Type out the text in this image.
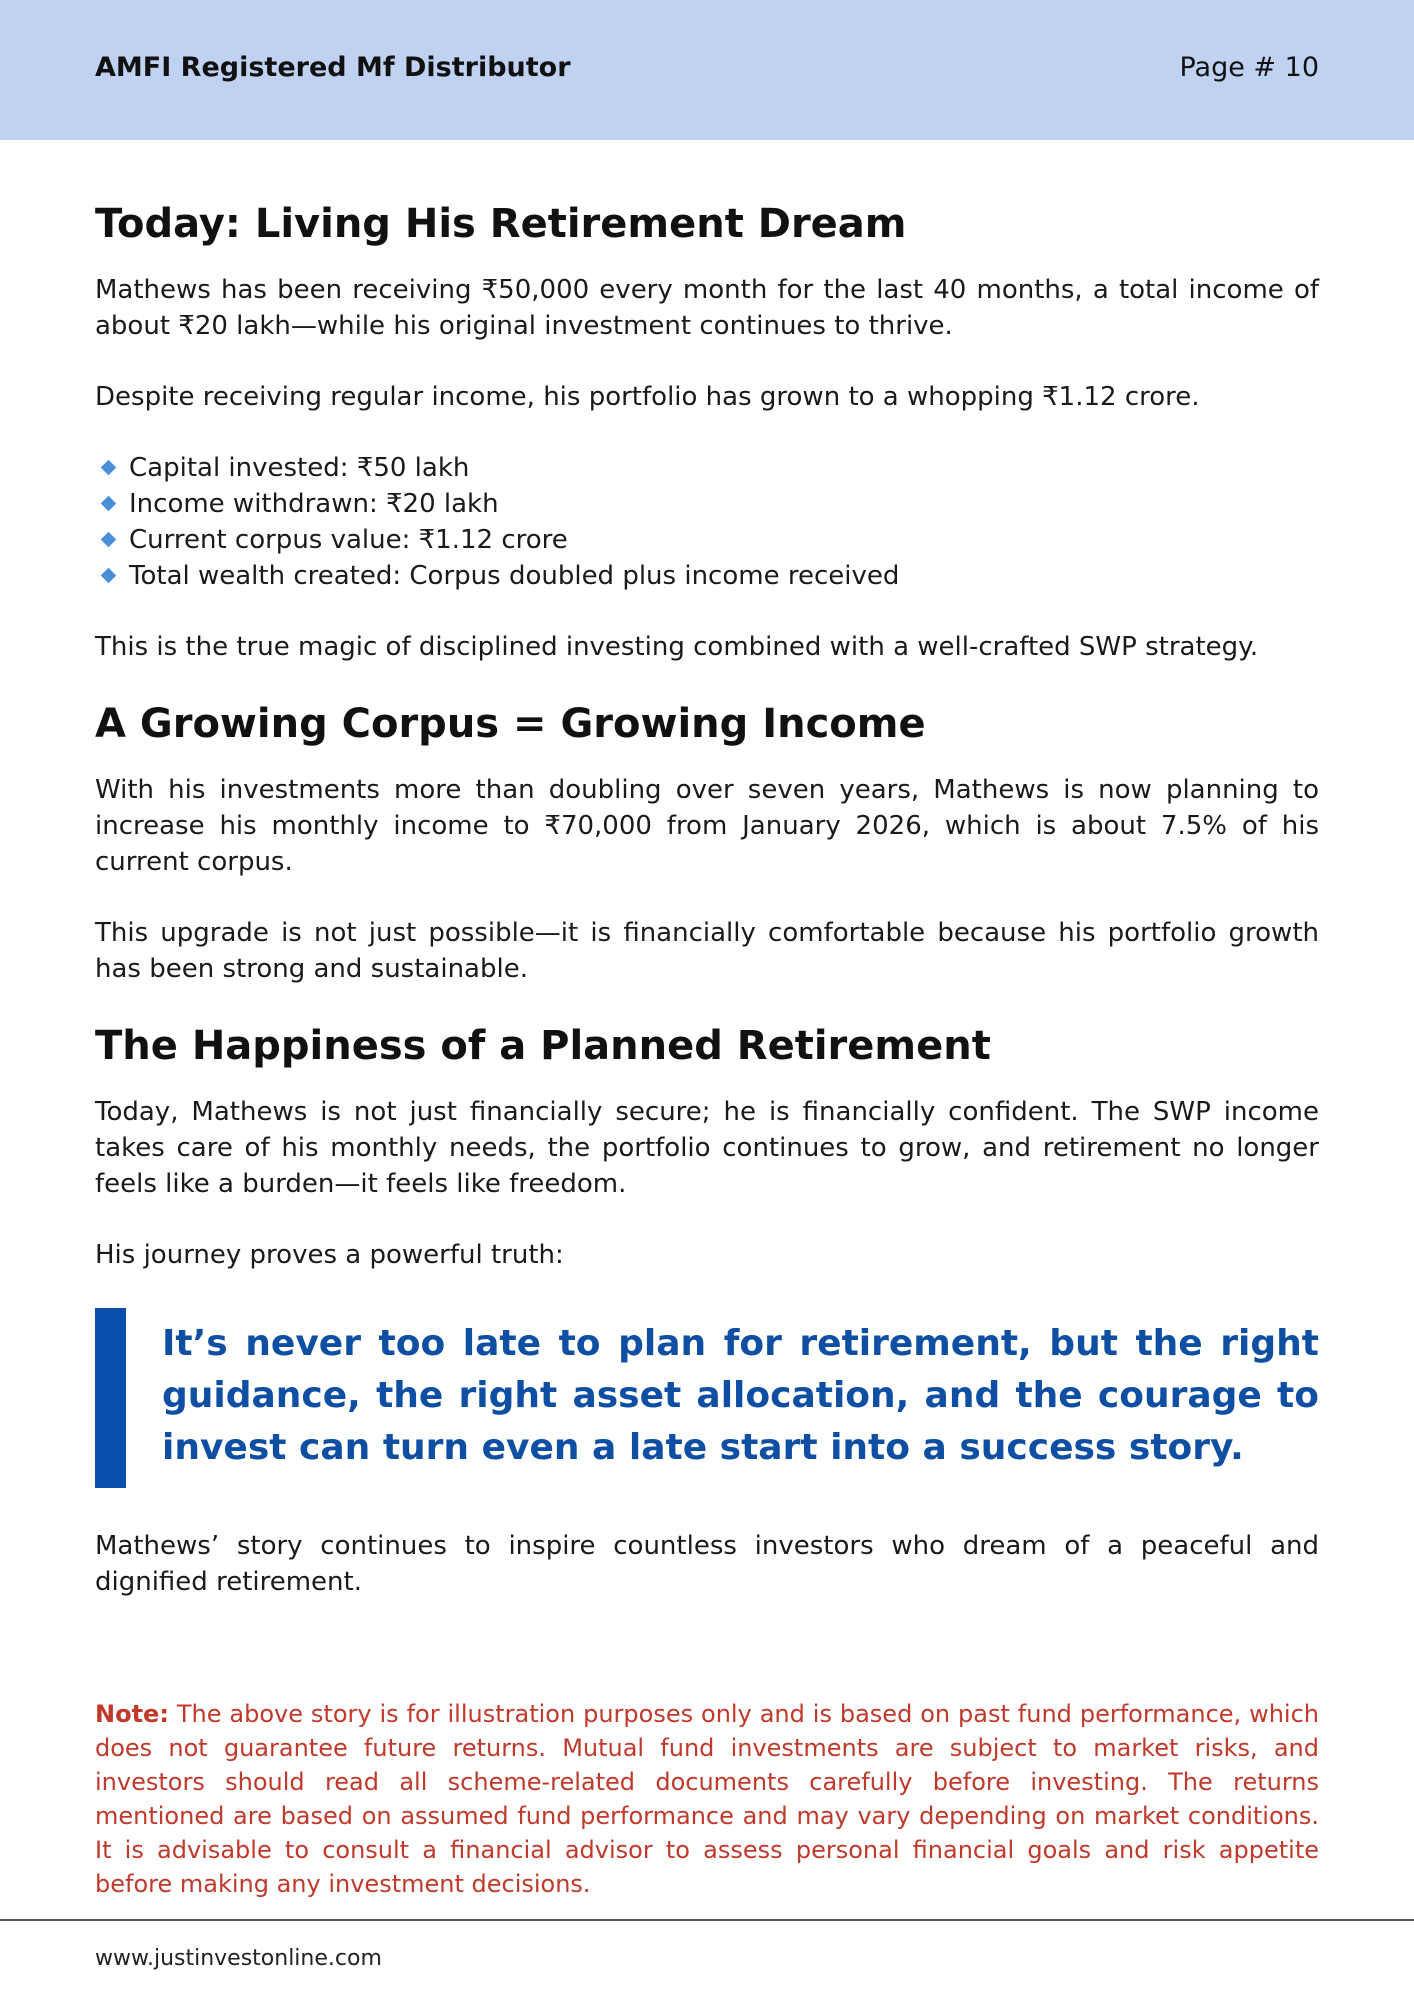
AMFI Registered Mf Distributor	Page # 10
Today: Living His Retirement Dream

Mathews has been receiving ₹50,000 every month for the last 40 months, a total income of about ₹20 lakh—while his original investment continues to thrive.

Despite receiving regular income, his portfolio has grown to a whopping ₹1.12 crore.

Capital invested: ₹50 lakh
Income withdrawn: ₹20 lakh
Current corpus value: ₹1.12 crore
Total wealth created: Corpus doubled plus income received

This is the true magic of disciplined investing combined with a well-crafted SWP strategy.

A Growing Corpus = Growing Income

With his investments more than doubling over seven years, Mathews is now planning to increase his monthly income to ₹70,000 from January 2026, which is about 7.5% of his current corpus.

This upgrade is not just possible—it is financially comfortable because his portfolio growth has been strong and sustainable.

The Happiness of a Planned Retirement

Today, Mathews is not just financially secure; he is financially confident. The SWP income takes care of his monthly needs, the portfolio continues to grow, and retirement no longer feels like a burden—it feels like freedom.

His journey proves a powerful truth:

It’s never too late to plan for retirement, but the right guidance, the right asset allocation, and the courage to invest can turn even a late start into a success story.

Mathews’ story continues to inspire countless investors who dream of a peaceful and dignified retirement.

Note: The above story is for illustration purposes only and is based on past fund performance, which does not guarantee future returns. Mutual fund investments are subject to market risks, and investors should read all scheme-related documents carefully before investing. The returns mentioned are based on assumed fund performance and may vary depending on market conditions. It is advisable to consult a financial advisor to assess personal financial goals and risk appetite before making any investment decisions.
www.justinvestonline.com
